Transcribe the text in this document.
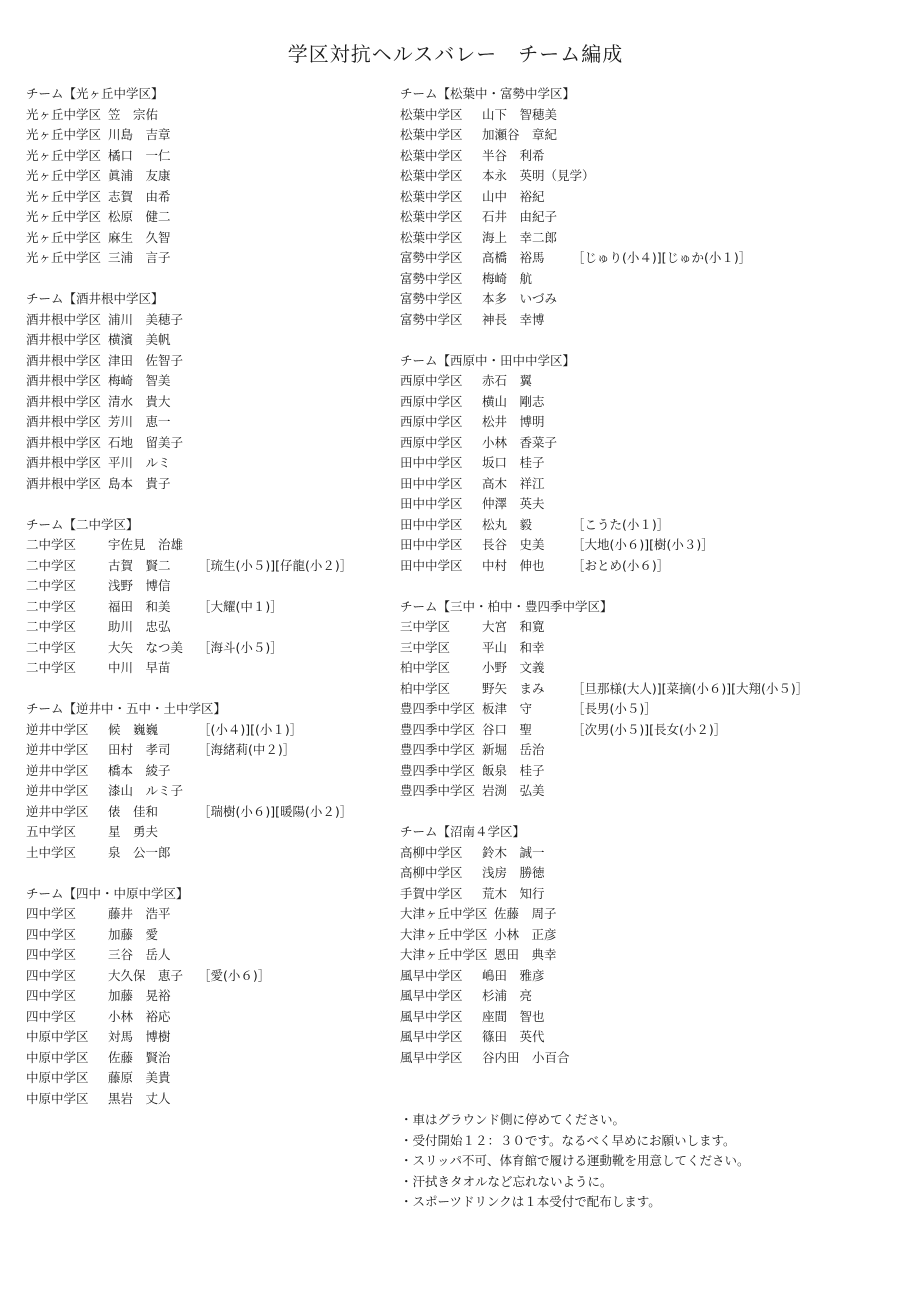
学区対抗ヘルスバレー　チーム編成
チーム【光ヶ丘中学区】
光ヶ丘中学区 笠　宗佑
光ヶ丘中学区 川島　吉章
光ヶ丘中学区 橘口　一仁
光ヶ丘中学区 眞浦　友康
光ヶ丘中学区 志賀　由希
光ヶ丘中学区 松原　健二
光ヶ丘中学区 麻生　久智
光ヶ丘中学区 三浦　言子
チーム【酒井根中学区】
酒井根中学区 浦川　美穂子
酒井根中学区 横濱　美帆
酒井根中学区 津田　佐智子
酒井根中学区 梅崎　智美
酒井根中学区 清水　貴大
酒井根中学区 芳川　恵一
酒井根中学区 石地　留美子
酒井根中学区 平川　ルミ
酒井根中学区 島本　貴子
チーム【二中学区】
二中学区	宇佐見　治雄
二中学区	古賀　賢二	［琉生(小５)][仔龍(小２)］
二中学区	浅野　博信
二中学区	福田　和美	［大耀(中１)］
二中学区	助川　忠弘
二中学区	大矢　なつ美	［海斗(小５)］
二中学区	中川　早苗
チーム【逆井中・五中・土中学区】
逆井中学区	候　巍巍	［(小４)][(小１)］
逆井中学区	田村　孝司	［海緒莉(中２)］
逆井中学区	橋本　綾子
逆井中学区	漆山　ルミ子
逆井中学区	俵　佳和	［瑞樹(小６)][暖陽(小２)］
五中学区	星　勇夫
土中学区	泉　公一郎
チーム【四中・中原中学区】
四中学区	藤井　浩平
四中学区	加藤　愛
四中学区	三谷　岳人
四中学区	大久保　恵子	［愛(小６)］
四中学区	加藤　晃裕
四中学区	小林　裕応
中原中学区	対馬　博樹
中原中学区	佐藤　賢治
中原中学区	藤原　美貴
中原中学区	黒岩　丈人
チーム【松葉中・富勢中学区】
松葉中学区	山下　智穂美
松葉中学区	加瀬谷　章紀
松葉中学区	半谷　利希
松葉中学区	本永　英明（見学）
松葉中学区	山中　裕紀
松葉中学区	石井　由紀子
松葉中学区	海上　幸二郎
富勢中学区	高橋　裕馬	［じゅり(小４)][じゅか(小１)］
富勢中学区	梅崎　航
富勢中学区	本多　いづみ
富勢中学区	神長　幸博
チーム【西原中・田中中学区】
西原中学区	赤石　翼
西原中学区	横山　剛志
西原中学区	松井　博明
西原中学区	小林　香菜子
田中中学区	坂口　桂子
田中中学区	高木　祥江
田中中学区	仲澤　英夫
田中中学区	松丸　毅	［こうた(小１)］
田中中学区	長谷　史美	［大地(小６)][樹(小３)］
田中中学区	中村　伸也	［おとめ(小６)］
チーム【三中・柏中・豊四季中学区】
三中学区	大宮　和寛
三中学区	平山　和幸
柏中学区	小野　文義
柏中学区	野矢　まみ	［旦那様(大人)][菜摘(小６)][大翔(小５)］
豊四季中学区 板津　守	［長男(小５)］
豊四季中学区 谷口　聖	［次男(小５)][長女(小２)］
豊四季中学区 新堀　岳治
豊四季中学区 飯泉　桂子
豊四季中学区 岩渕　弘美
チーム【沼南４学区】
高柳中学区	鈴木　誠一
高柳中学区	浅房　勝徳
手賀中学区	荒木　知行
大津ヶ丘中学区 佐藤　周子
大津ヶ丘中学区 小林　正彦
大津ヶ丘中学区 恩田　典幸
風早中学区	嶋田　雅彦
風早中学区	杉浦　亮
風早中学区	座間　智也
風早中学区	篠田　英代
風早中学区	谷内田　小百合
・車はグラウンド側に停めてください。
・受付開始１２：３０です。なるべく早めにお願いします。
・スリッパ不可、体育館で履ける運動靴を用意してください。
・汗拭きタオルなど忘れないように。
・スポーツドリンクは１本受付で配布します。
